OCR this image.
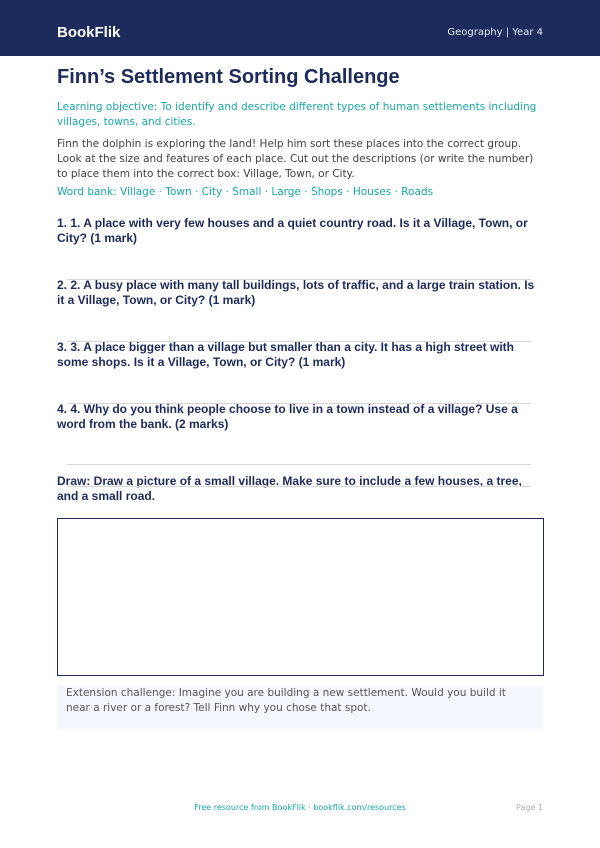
BookFlik	Geography | Year 4
Finn’s Settlement Sorting Challenge

Learning objective: To identify and describe different types of human settlements including villages, towns, and cities.

Finn the dolphin is exploring the land! Help him sort these places into the correct group. Look at the size and features of each place. Cut out the descriptions (or write the number) to place them into the correct box: Village, Town, or City.

Word bank: Village · Town · City · Small · Large · Shops · Houses · Roads

1. 1. A place with very few houses and a quiet country road. Is it a Village, Town, or City? (1 mark)

2. 2. A busy place with many tall buildings, lots of traffic, and a large train station. Is it a Village, Town, or City? (1 mark)

3. 3. A place bigger than a village but smaller than a city. It has a high street with some shops. Is it a Village, Town, or City? (1 mark)

4. 4. Why do you think people choose to live in a town instead of a village? Use a word from the bank. (2 marks)

Draw: Draw a picture of a small village. Make sure to include a few houses, a tree, and a small road.

Extension challenge: Imagine you are building a new settlement. Would you build it near a river or a forest? Tell Finn why you chose that spot.

Free resource from BookFlik · bookflik.com/resources	Page 1
